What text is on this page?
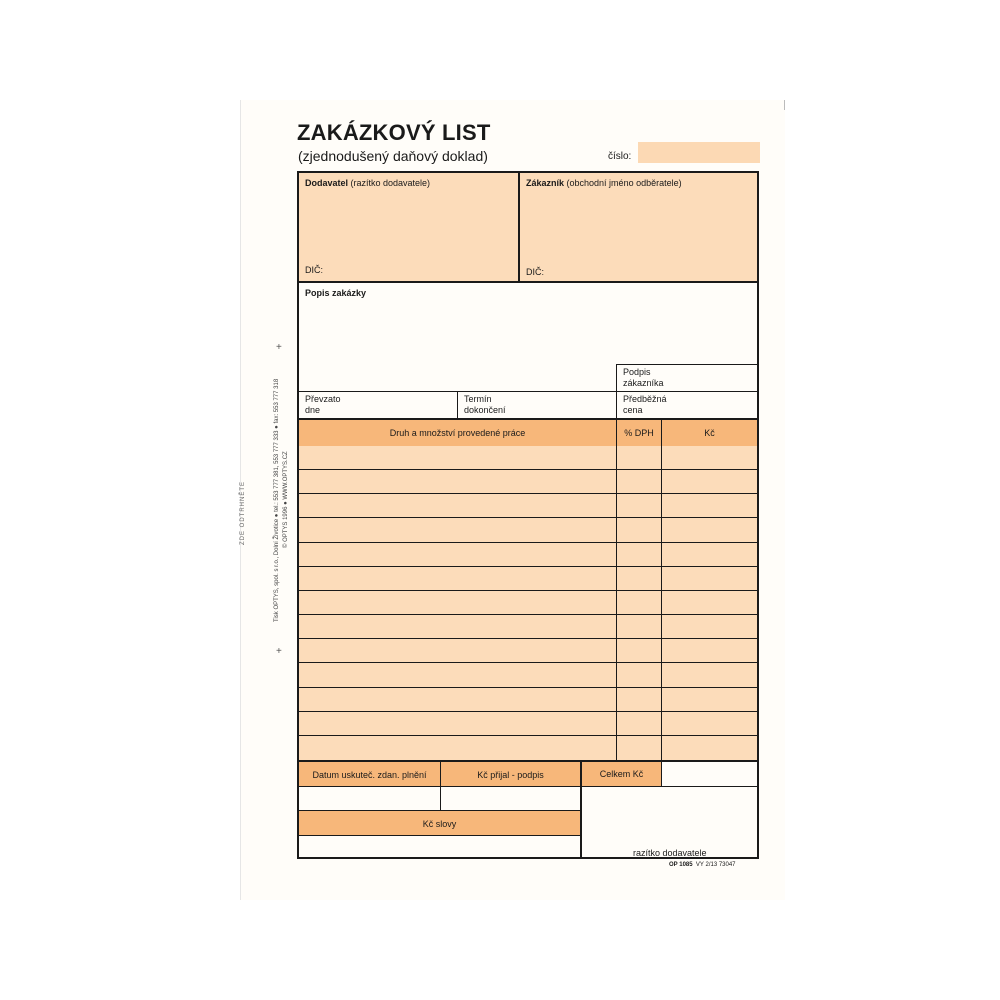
ZDE ODTRHNĚTE	Tisk OPTYS, spol. s r.o., Dolní Životice ● tel.: 553 777 381, 553 777 333 ● fax: 553 777 318 © OPTYS 1996 ● WWW.OPTYS.CZ
+
+
ZAKÁZKOVÝ LIST
(zjednodušený daňový doklad)	číslo:
Dodavatel (razítko dodavatele)
DIČ:
Zákazník (obchodní jméno odběratele)
DIČ:
Popis zakázky
Podpis
zákazníka
Převzato
dne
Termín
dokončení
Předběžná
cena
Druh a množství provedené práce	% DPH	Kč
Datum uskuteč. zdan. plnění	Kč přijal - podpis	Celkem Kč
Kč slovy
razítko dodavatele
OP 1085 VY 2/13 73047
